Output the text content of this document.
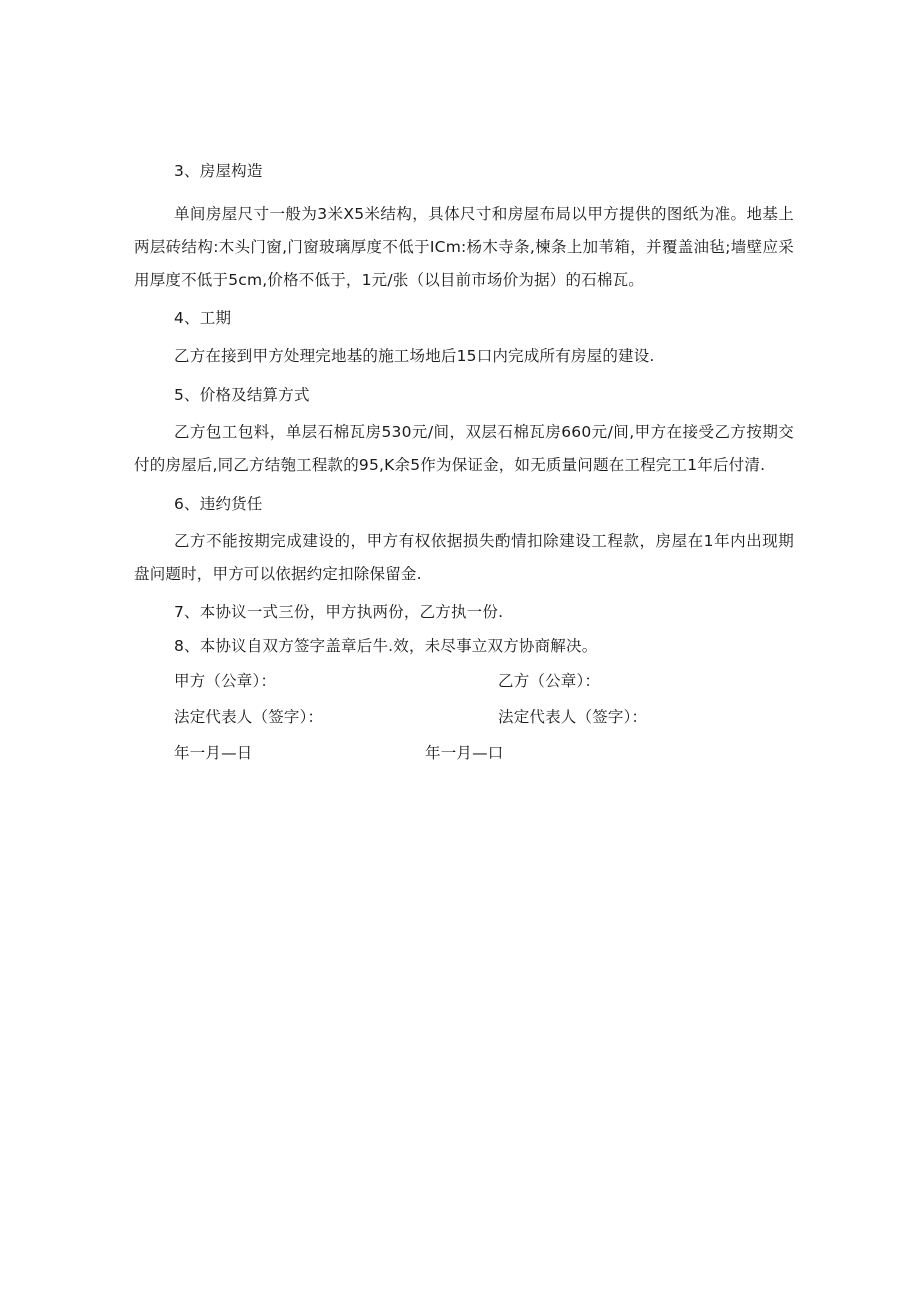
3、房屋构造

单间房屋尺寸一般为3米X5米结构，具体尺寸和房屋布局以甲方提供的图纸为准。地基上两层砖结构:木头门窗,门窗玻璃厚度不低于ICm:杨木寺条,楝条上加苇箱，并覆盖油毡;墙壁应采用厚度不低于5cm,价格不低于，1元/张（以目前市场价为据）的石棉瓦。

4、工期

乙方在接到甲方处理完地基的施工场地后15口内完成所有房屋的建设.

5、价格及结算方式

乙方包工包料，单层石棉瓦房530元/间，双层石棉瓦房660元/间,甲方在接受乙方按期交付的房屋后,同乙方结匏工程款的95,K余5作为保证金，如无质量问题在工程完工1年后付清.

6、违约货任

乙方不能按期完成建设的，甲方有权依据损失酌情扣除建设工程款，房屋在1年内出现期盘问题时，甲方可以依据约定扣除保留金.

7、本协议一式三份，甲方执两份，乙方执一份.
8、本协议自双方签字盖章后牛.效，未尽事立双方协商解决。
甲方（公章）：	乙方（公章）：
法定代表人（签字）：	法定代表人（签字）：
年一月—日	年一月—口
